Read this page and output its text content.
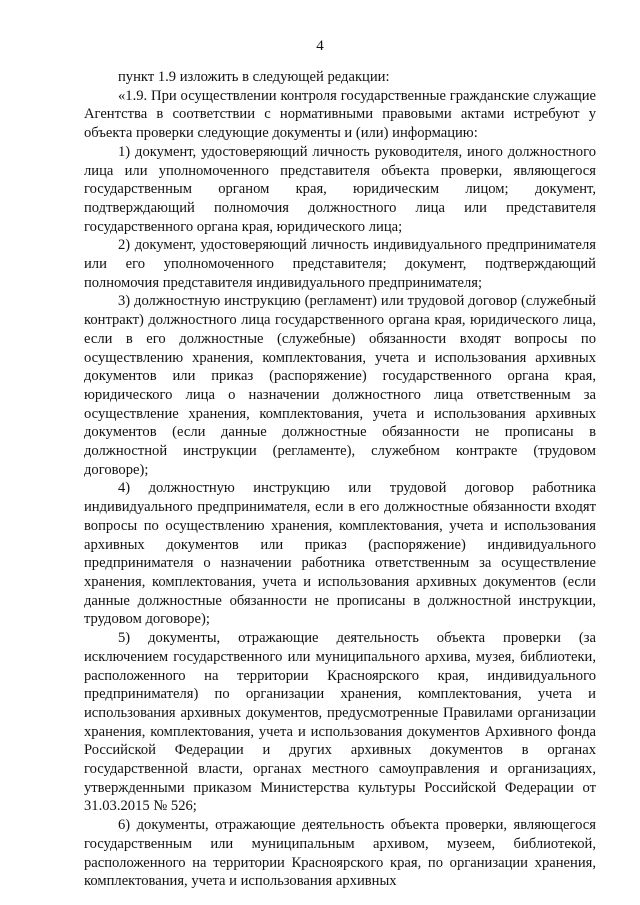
4

пункт 1.9 изложить в следующей редакции:

«1.9. При осуществлении контроля государственные гражданские служащие Агентства в соответствии с нормативными правовыми актами истребуют у объекта проверки следующие документы и (или) информацию:

1) документ, удостоверяющий личность руководителя, иного должностного лица или уполномоченного представителя объекта проверки, являющегося государственным органом края, юридическим лицом; документ, подтверждающий полномочия должностного лица или представителя государственного органа края, юридического лица;

2) документ, удостоверяющий личность индивидуального предпринимателя или его уполномоченного представителя; документ, подтверждающий полномочия представителя индивидуального предпринимателя;

3) должностную инструкцию (регламент) или трудовой договор (служебный контракт) должностного лица государственного органа края, юридического лица, если в его должностные (служебные) обязанности входят вопросы по осуществлению хранения, комплектования, учета и использования архивных документов или приказ (распоряжение) государственного органа края, юридического лица о назначении должностного лица ответственным за осуществление хранения, комплектования, учета и использования архивных документов (если данные должностные обязанности не прописаны в должностной инструкции (регламенте), служебном контракте (трудовом договоре);

4) должностную инструкцию или трудовой договор работника индивидуального предпринимателя, если в его должностные обязанности входят вопросы по осуществлению хранения, комплектования, учета и использования архивных документов или приказ (распоряжение) индивидуального предпринимателя о назначении работника ответственным за осуществление хранения, комплектования, учета и использования архивных документов (если данные должностные обязанности не прописаны в должностной инструкции, трудовом договоре);

5) документы, отражающие деятельность объекта проверки (за исключением государственного или муниципального архива, музея, библиотеки, расположенного на территории Красноярского края, индивидуального предпринимателя) по организации хранения, комплектования, учета и использования архивных документов, предусмотренные Правилами организации хранения, комплектования, учета и использования документов Архивного фонда Российской Федерации и других архивных документов в органах государственной власти, органах местного самоуправления и организациях, утвержденными приказом Министерства культуры Российской Федерации от 31.03.2015 № 526;

6) документы, отражающие деятельность объекта проверки, являющегося государственным или муниципальным архивом, музеем, библиотекой, расположенного на территории Красноярского края, по организации хранения, комплектования, учета и использования архивных
